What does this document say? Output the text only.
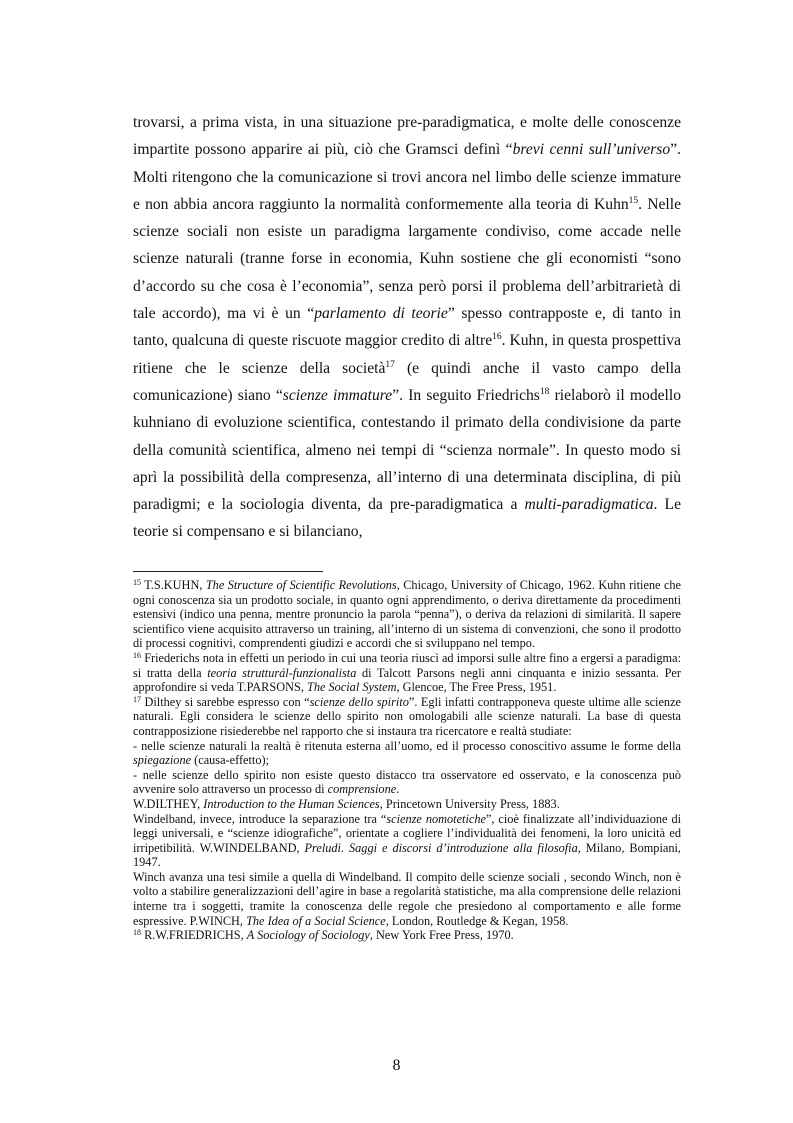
trovarsi, a prima vista, in una situazione pre-paradigmatica, e molte delle conoscenze impartite possono apparire ai più, ciò che Gramsci definì “brevi cenni sull’universo”. Molti ritengono che la comunicazione si trovi ancora nel limbo delle scienze immature e non abbia ancora raggiunto la normalità conformemente alla teoria di Kuhn$^{15}$. Nelle scienze sociali non esiste un paradigma largamente condiviso, come accade nelle scienze naturali (tranne forse in economia, Kuhn sostiene che gli economisti “sono d’accordo su che cosa è l’economia”, senza però porsi il problema dell’arbitrarietà di tale accordo), ma vi è un “parlamento di teorie” spesso contrapposte e, di tanto in tanto, qualcuna di queste riscuote maggior credito di altre$^{16}$. Kuhn, in questa prospettiva ritiene che le scienze della società$^{17}$ (e quindi anche il vasto campo della comunicazione) siano “scienze immature”. In seguito Friedrichs$^{18}$ rielaborò il modello kuhniano di evoluzione scientifica, contestando il primato della condivisione da parte della comunità scientifica, almeno nei tempi di “scienza normale”. In questo modo si aprì la possibilità della compresenza, all’interno di una determinata disciplina, di più paradigmi; e la sociologia diventa, da pre-paradigmatica a multi-paradigmatica. Le teorie si compensano e si bilanciano,

$^{15}$ T.S.KUHN, The Structure of Scientific Revolutions, Chicago, University of Chicago, 1962. Kuhn ritiene che ogni conoscenza sia un prodotto sociale, in quanto ogni apprendimento, o deriva direttamente da procedimenti estensivi (indico una penna, mentre pronuncio la parola “penna”), o deriva da relazioni di similarità. Il sapere scientifico viene acquisito attraverso un training, all’interno di un sistema di convenzioni, che sono il prodotto di processi cognitivi, comprendenti giudizi e accordi che si sviluppano nel tempo.

$^{16}$ Friederichs nota in effetti un periodo in cui una teoria riuscì ad imporsi sulle altre fino a ergersi a paradigma: si tratta della teoria strutturál-funzionalista di Talcott Parsons negli anni cinquanta e inizio sessanta. Per approfondire si veda T.PARSONS, The Social System, Glencoe, The Free Press, 1951.

$^{17}$ Dilthey si sarebbe espresso con “scienze dello spirito”. Egli infatti contrapponeva queste ultime alle scienze naturali. Egli considera le scienze dello spirito non omologabili alle scienze naturali. La base di questa contrapposizione risiederebbe nel rapporto che si instaura tra ricercatore e realtà studiate:

- nelle scienze naturali la realtà è ritenuta esterna all’uomo, ed il processo conoscitivo assume le forme della spiegazione (causa-effetto);

- nelle scienze dello spirito non esiste questo distacco tra osservatore ed osservato, e la conoscenza può avvenire solo attraverso un processo di comprensione.

W.DILTHEY, Introduction to the Human Sciences, Princetown University Press, 1883.

Windelband, invece, introduce la separazione tra “scienze nomotetiche”, cioè finalizzate all’individuazione di leggi universali, e “scienze idiografiche”, orientate a cogliere l’individualità dei fenomeni, la loro unicità ed irripetibilità. W.WINDELBAND, Preludi. Saggi e discorsi d’introduzione alla filosofia, Milano, Bompiani, 1947.

Winch avanza una tesi simile a quella di Windelband. Il compito delle scienze sociali , secondo Winch, non è volto a stabilire generalizzazioni dell’agire in base a regolarità statistiche, ma alla comprensione delle relazioni interne tra i soggetti, tramite la conoscenza delle regole che presiedono al comportamento e alle forme espressive. P.WINCH, The Idea of a Social Science, London, Routledge & Kegan, 1958.

$^{18}$ R.W.FRIEDRICHS, A Sociology of Sociology, New York Free Press, 1970.

8
